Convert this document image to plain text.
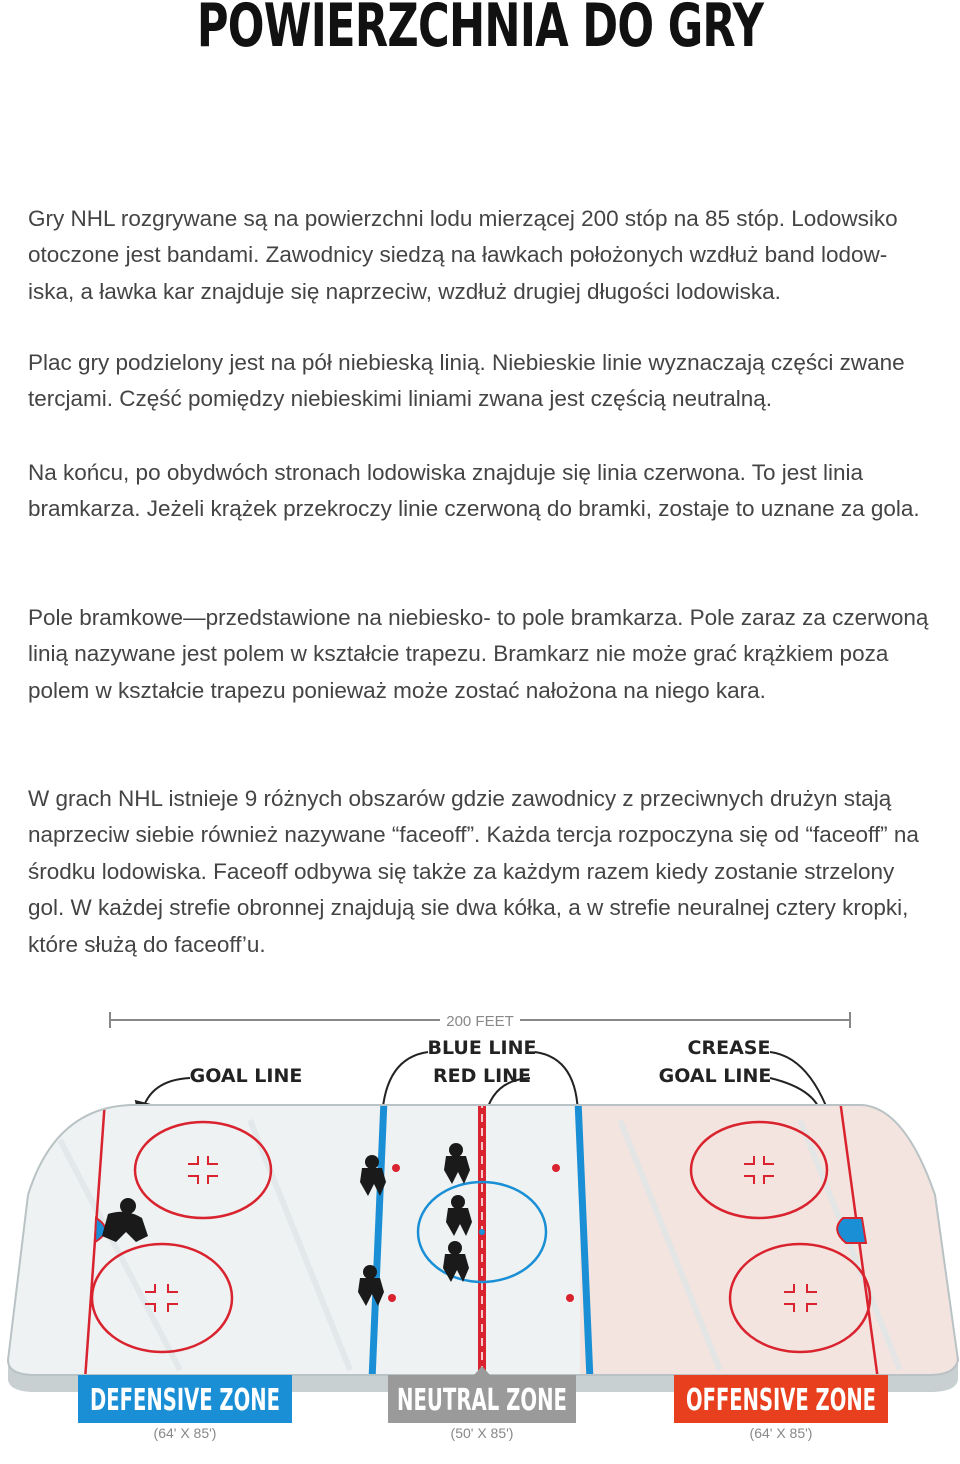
POWIERZCHNIA DO GRY

Gry NHL rozgrywane są na powierzchni lodu mierzącej 200 stóp na 85 stóp. Lodowsiko otoczone jest bandami. Zawodnicy siedzą na ławkach położonych wzdłuż band lodow-iska, a ławka kar znajduje się naprzeciw, wzdłuż drugiej długości lodowiska.

Plac gry podzielony jest na pół niebieską linią. Niebieskie linie wyznaczają części zwane tercjami. Część pomiędzy niebieskimi liniami zwana jest częścią neutralną.

Na końcu, po obydwóch stronach lodowiska znajduje się linia czerwona. To jest linia bramkarza. Jeżeli krążek przekroczy linie czerwoną do bramki, zostaje to uznane za gola.

Pole bramkowe—przedstawione na niebiesko- to pole bramkarza. Pole zaraz za czerwoną linią nazywane jest polem w kształcie trapezu. Bramkarz nie może grać krążkiem poza polem w kształcie trapezu ponieważ może zostać nałożona na niego kara.

W grach NHL istnieje 9 różnych obszarów gdzie zawodnicy z przeciwnych drużyn stają naprzeciw siebie również nazywane “faceoff”. Każda tercja rozpoczyna się od “faceoff” na środku lodowiska. Faceoff odbywa się także za każdym razem kiedy zostanie strzelony gol. W każdej strefie obronnej znajdują sie dwa kółka, a w strefie neuralnej cztery kropki, które służą do faceoff’u.

200 FEET
GOAL LINE
BLUE LINE
RED LINE
CREASE
GOAL LINE
DEFENSIVE ZONE
(64' X 85')
NEUTRAL ZONE
(50' X 85')
OFFENSIVE ZONE
(64' X 85')
